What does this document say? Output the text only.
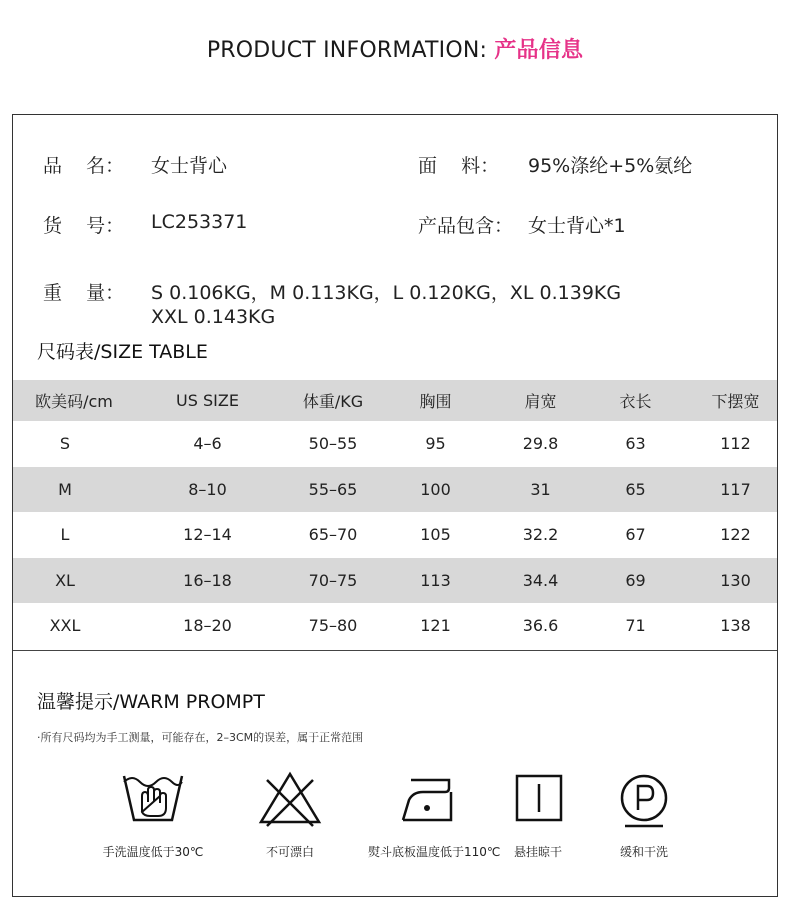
PRODUCT INFORMATION: 产品信息
品    名： 女士背心	面    料： 95%涤纶+5%氨纶
货    号： LC253371	产品包含： 女士背心*1
重    量： S 0.106KG，M 0.113KG，L 0.120KG，XL 0.139KG
XXL 0.143KG
尺码表/SIZE TABLE
欧美码/cm	US SIZE	体重/KG	胸围	肩宽	衣长	下摆宽
S	4–6	50–55	95	29.8	63	112
M	8–10	55–65	100	31	65	117
L	12–14	65–70	105	32.2	67	122
XL	16–18	70–75	113	34.4	69	130
XXL	18–20	75–80	121	36.6	71	138
温馨提示/WARM PROMPT
·所有尺码均为手工测量，可能存在，2–3CM的误差，属于正常范围
手洗温度低于30℃	不可漂白	熨斗底板温度低于110℃	悬挂晾干	缓和干洗
